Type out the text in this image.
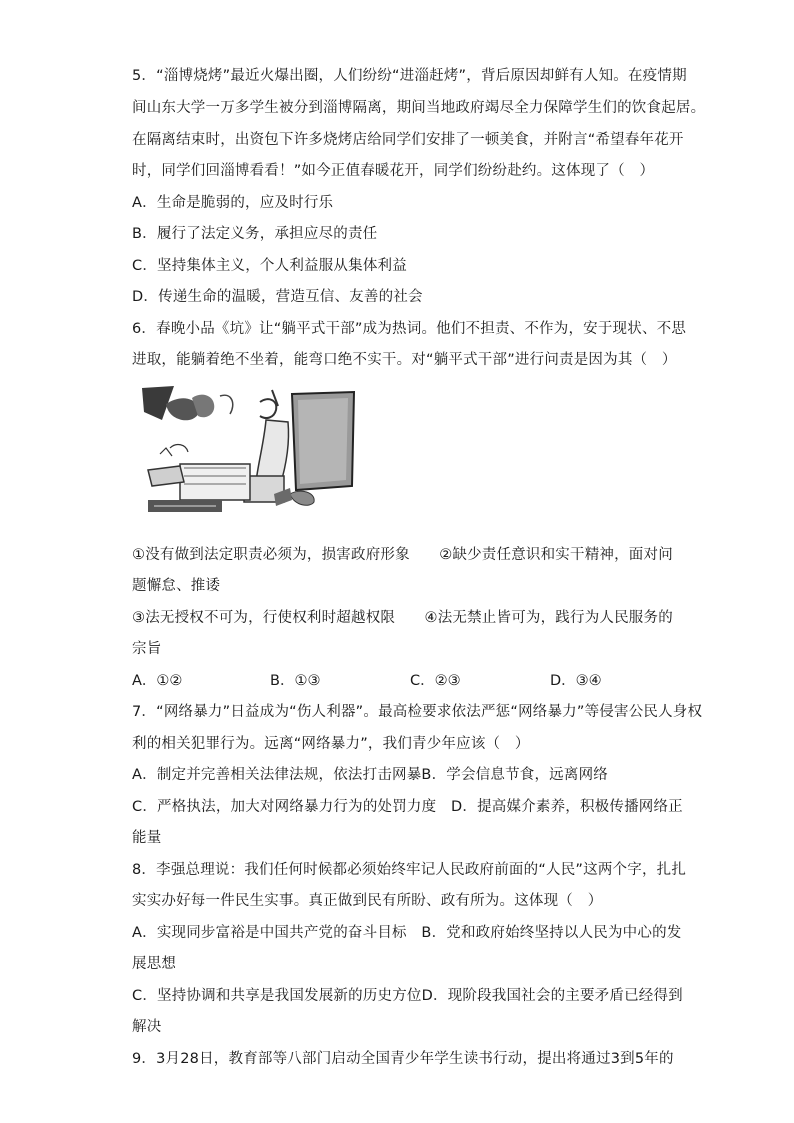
5．“淄博烧烤”最近火爆出圈，人们纷纷“进淄赶烤”，背后原因却鲜有人知。在疫情期
间山东大学一万多学生被分到淄博隔离，期间当地政府竭尽全力保障学生们的饮食起居。
在隔离结束时，出资包下许多烧烤店给同学们安排了一顿美食，并附言“希望春年花开
时，同学们回淄博看看！”如今正值春暖花开，同学们纷纷赴约。这体现了（　）
A．生命是脆弱的，应及时行乐
B．履行了法定义务，承担应尽的责任
C．坚持集体主义，个人利益服从集体利益
D．传递生命的温暖，营造互信、友善的社会
6．春晚小品《坑》让“躺平式干部”成为热词。他们不担责、不作为，安于现状、不思
进取，能躺着绝不坐着，能弯口绝不实干。对“躺平式干部”进行问责是因为其（　）
①没有做到法定职责必须为，损害政府形象　　②缺少责任意识和实干精神，面对问
题懈怠、推诿
③法无授权不可为，行使权利时超越权限　　④法无禁止皆可为，践行为人民服务的
宗旨
A．①②	B．①③	C．②③	D．③④
7．“网络暴力”日益成为“伤人利器”。最高检要求依法严惩“网络暴力”等侵害公民人身权
利的相关犯罪行为。远离“网络暴力”，我们青少年应该（　）
A．制定并完善相关法律法规，依法打击网暴B．学会信息节食，远离网络
C．严格执法，加大对网络暴力行为的处罚力度　D．提高媒介素养，积极传播网络正
能量
8．李强总理说：我们任何时候都必须始终牢记人民政府前面的“人民”这两个字，扎扎
实实办好每一件民生实事。真正做到民有所盼、政有所为。这体现（　）
A．实现同步富裕是中国共产党的奋斗目标　B．党和政府始终坚持以人民为中心的发
展思想
C．坚持协调和共享是我国发展新的历史方位D．现阶段我国社会的主要矛盾已经得到
解决
9．3月28日，教育部等八部门启动全国青少年学生读书行动，提出将通过3到5年的
